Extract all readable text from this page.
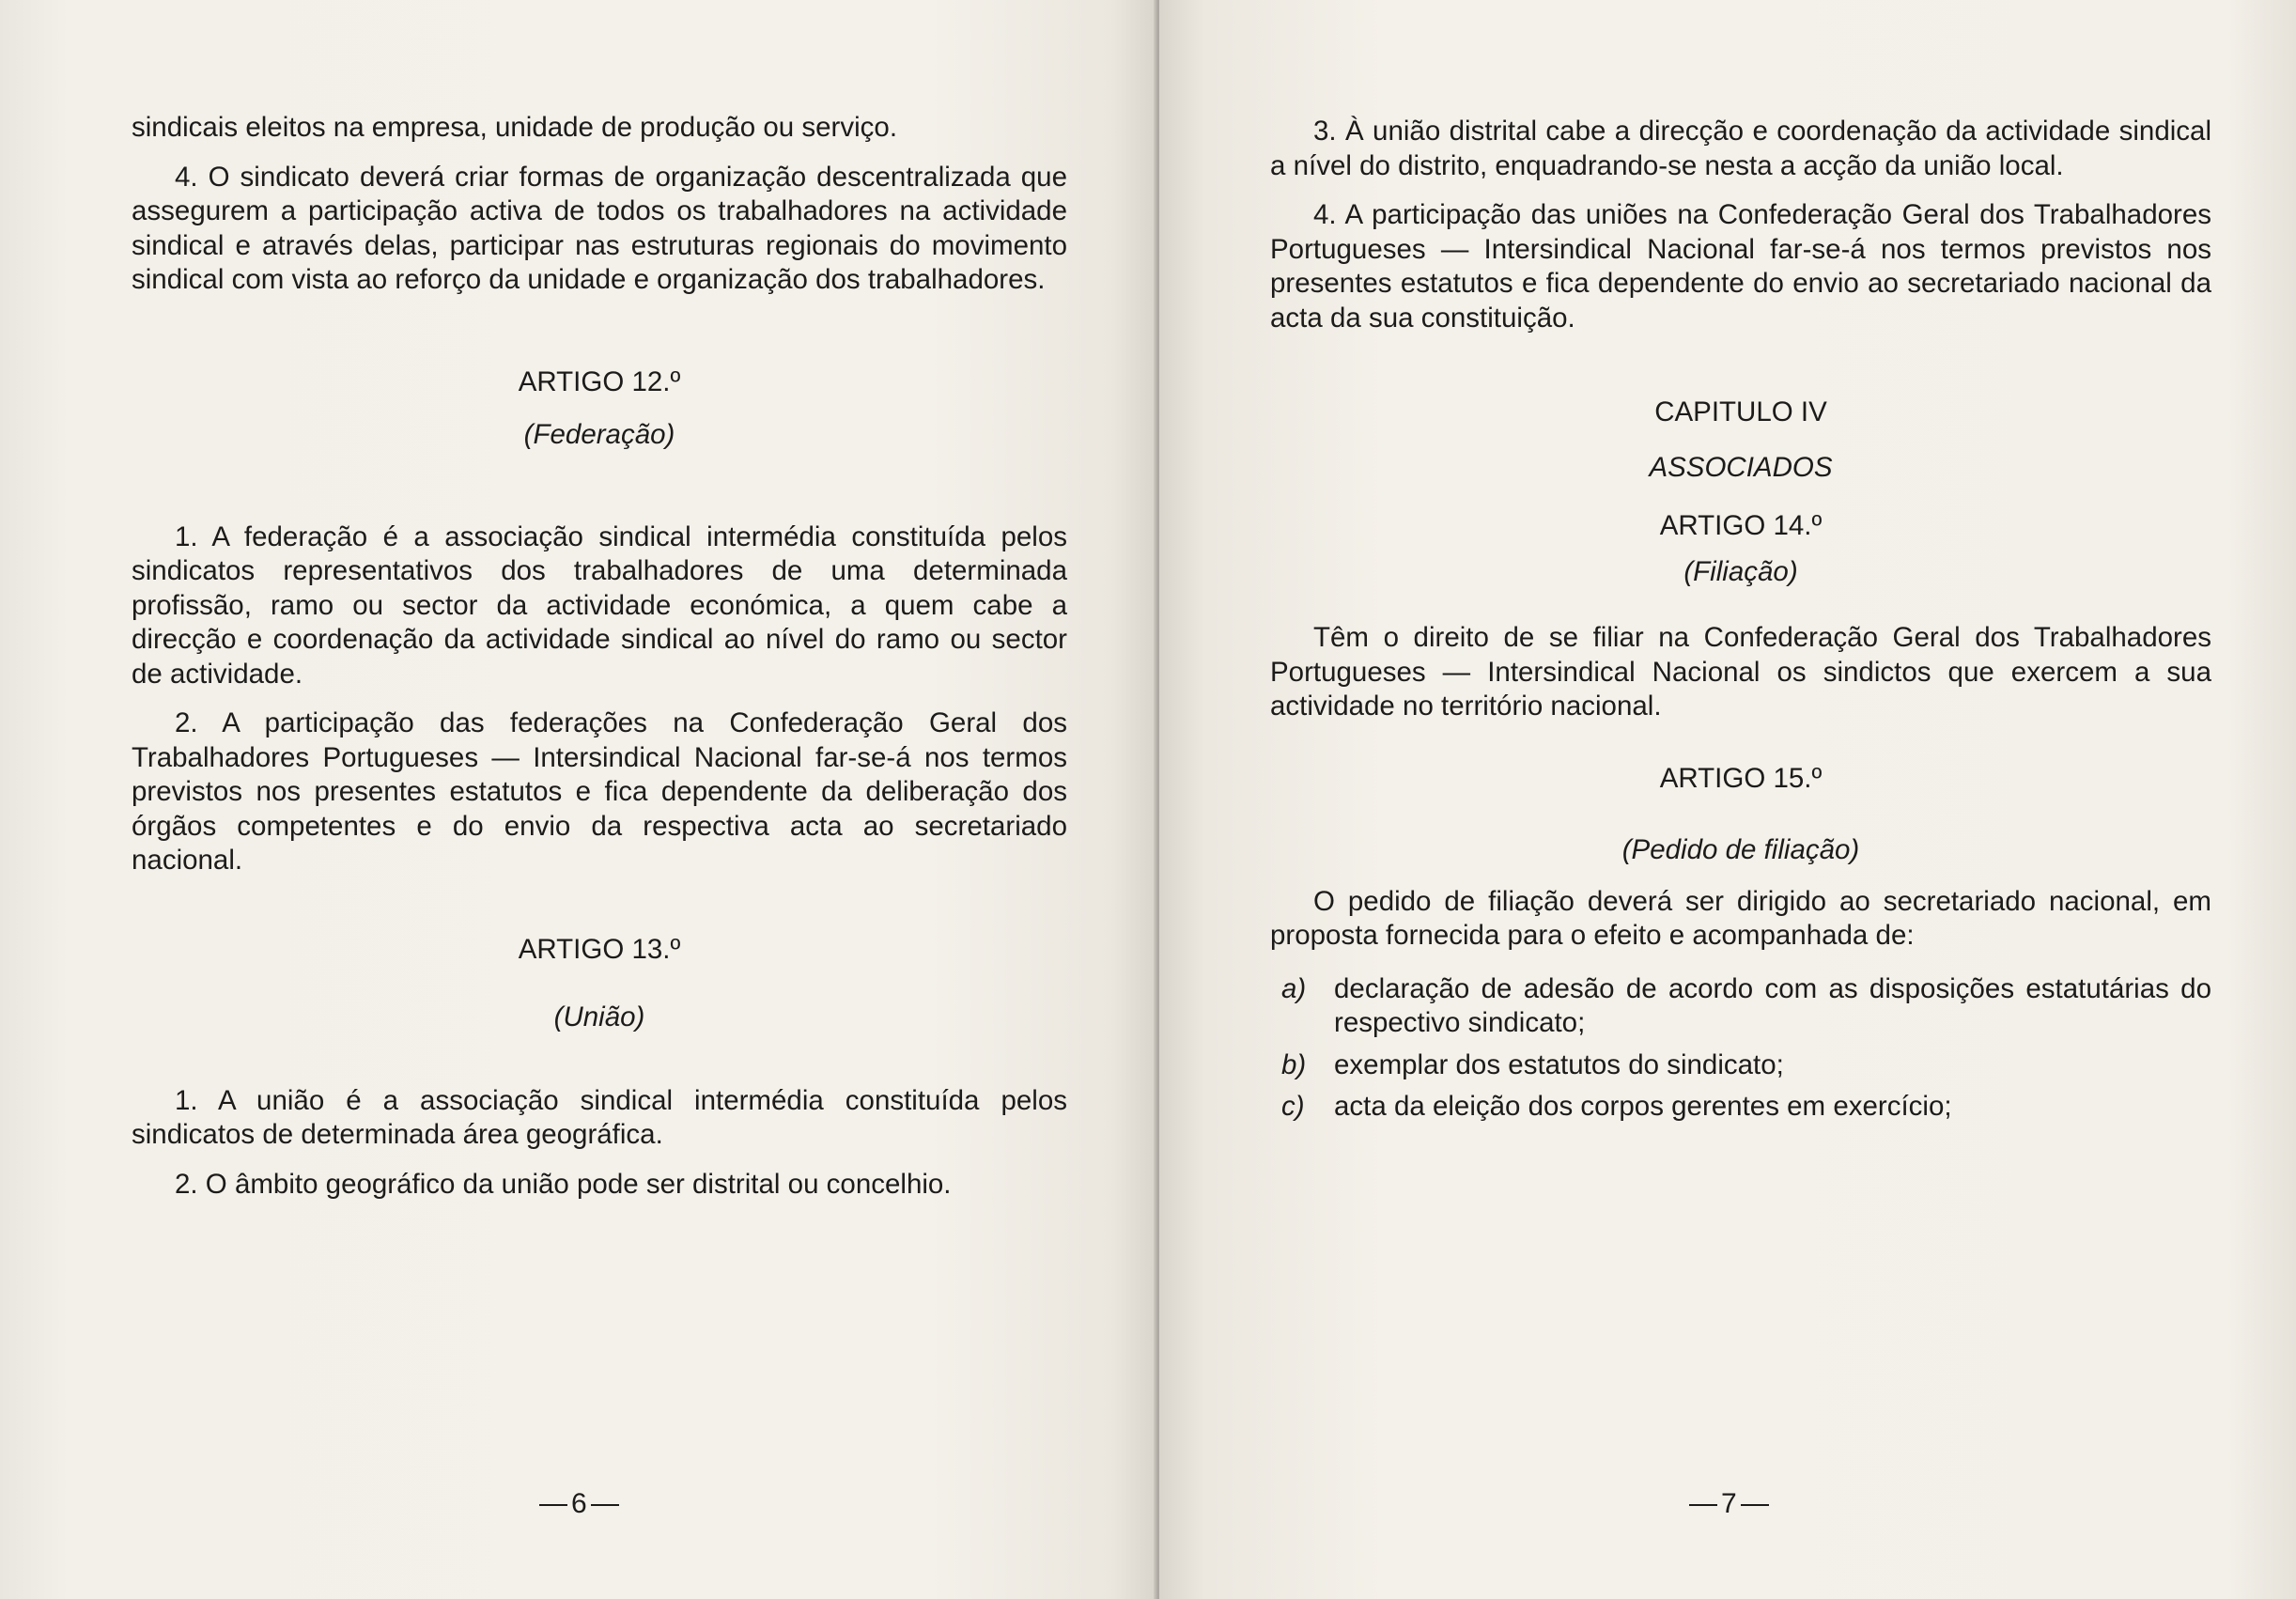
sindicais eleitos na empresa, unidade de produção ou serviço.

4. O sindicato deverá criar formas de organização descentralizada que assegurem a participação activa de todos os trabalhadores na actividade sindical e através delas, participar nas estruturas regionais do movimento sindical com vista ao reforço da unidade e organização dos trabalhadores.

ARTIGO 12.º

(Federação)

1. A federação é a associação sindical intermédia constituída pelos sindicatos representativos dos trabalhadores de uma determinada profissão, ramo ou sector da actividade económica, a quem cabe a direcção e coordenação da actividade sindical ao nível do ramo ou sector de actividade.

2. A participação das federações na Confederação Geral dos Trabalhadores Portugueses — Intersindical Nacional far-se-á nos termos previstos nos presentes estatutos e fica dependente da deliberação dos órgãos competentes e do envio da respectiva acta ao secretariado nacional.

ARTIGO 13.º

(União)

1. A união é a associação sindical intermédia constituída pelos sindicatos de determinada área geográfica.

2. O âmbito geográfico da união pode ser distrital ou concelhio.

6

3. À união distrital cabe a direcção e coordenação da actividade sindical a nível do distrito, enquadrando-se nesta a acção da união local.

4. A participação das uniões na Confederação Geral dos Trabalhadores Portugueses — Intersindical Nacional far-se-á nos termos previstos nos presentes estatutos e fica dependente do envio ao secretariado nacional da acta da sua constituição.

CAPITULO IV

ASSOCIADOS

ARTIGO 14.º

(Filiação)

Têm o direito de se filiar na Confederação Geral dos Trabalhadores Portugueses — Intersindical Nacional os sindictos que exercem a sua actividade no território nacional.

ARTIGO 15.º

(Pedido de filiação)

O pedido de filiação deverá ser dirigido ao secretariado nacional, em proposta fornecida para o efeito e acompanhada de:

a)	declaração de adesão de acordo com as disposições estatutárias do respectivo sindicato;
b)	exemplar dos estatutos do sindicato;
c)	acta da eleição dos corpos gerentes em exercício;
7
